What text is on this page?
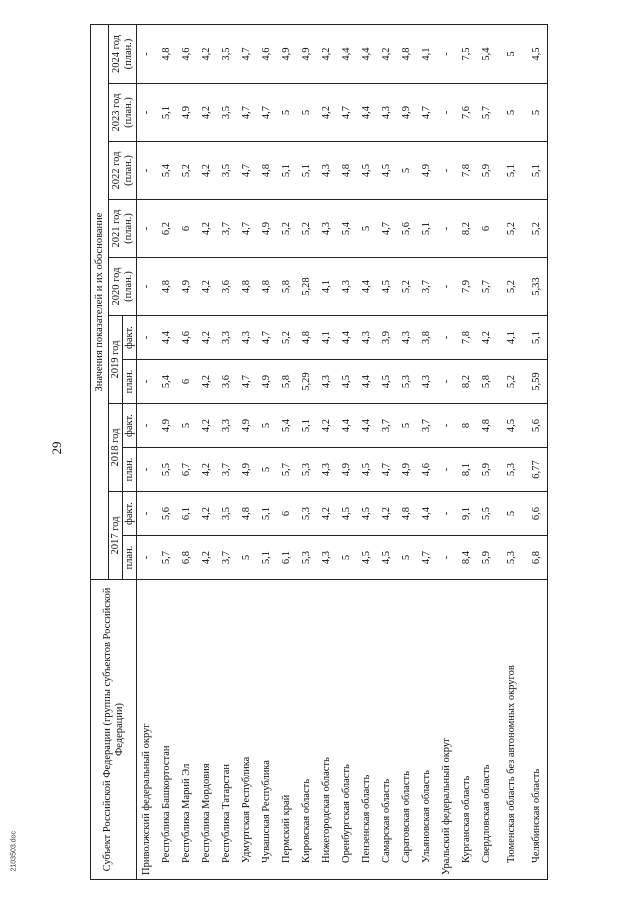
29
2103503.doc	Субъект Российской Федерации (группы субъектов Российской Федерации)	Значения показателей и их обоснование										
	2017 год		2018 год		2019 год		2020 год (план.)	2021 год (план.)	2022 год (план.)	2023 год (план.)	2024 год (план.)
	план.	факт.	план.	факт.	план.	факт.					
Приволжский федеральный округ	-	-	-	-	-	-	-	-	-	-	-
Республика Башкортостан	5,7	5,6	5,5	4,9	5,4	4,4	4,8	6,2	5,4	5,1	4,8
Республика Марий Эл	6,8	6,1	6,7	5	6	4,6	4,9	6	5,2	4,9	4,6
Республика Мордовия	4,2	4,2	4,2	4,2	4,2	4,2	4,2	4,2	4,2	4,2	4,2
Республика Татарстан	3,7	3,5	3,7	3,3	3,6	3,3	3,6	3,7	3,5	3,5	3,5
Удмуртская Республика	5	4,8	4,9	4,9	4,7	4,3	4,8	4,7	4,7	4,7	4,7
Чувашская Республика	5,1	5,1	5	5	4,9	4,7	4,8	4,9	4,8	4,7	4,6
Пермский край	6,1	6	5,7	5,4	5,8	5,2	5,8	5,2	5,1	5	4,9
Кировская область	5,3	5,3	5,3	5,1	5,29	4,8	5,28	5,2	5,1	5	4,9
Нижегородская область	4,3	4,2	4,3	4,2	4,3	4,1	4,1	4,3	4,3	4,2	4,2
Оренбургская область	5	4,5	4,9	4,4	4,5	4,4	4,3	5,4	4,8	4,7	4,4
Пензенская область	4,5	4,5	4,5	4,4	4,4	4,3	4,4	5	4,5	4,4	4,4
Самарская область	4,5	4,2	4,7	3,7	4,5	3,9	4,5	4,7	4,5	4,3	4,2
Саратовская область	5	4,8	4,9	5	5,3	4,3	5,2	5,6	5	4,9	4,8
Ульяновская область	4,7	4,4	4,6	3,7	4,3	3,8	3,7	5,1	4,9	4,7	4,1
Уральский федеральный округ	-	-	-	-	-	-	-	-	-	-	-
Курганская область	8,4	9,1	8,1	8	8,2	7,8	7,9	8,2	7,8	7,6	7,5
Свердловская область	5,9	5,5	5,9	4,8	5,8	4,2	5,7	6	5,9	5,7	5,4
Тюменская область без автономных округов	5,3	5	5,3	4,5	5,2	4,1	5,2	5,2	5,1	5	5
Челябинская область	6,8	6,6	6,77	5,6	5,59	5,1	5,33	5,2	5,1	5	4,5
